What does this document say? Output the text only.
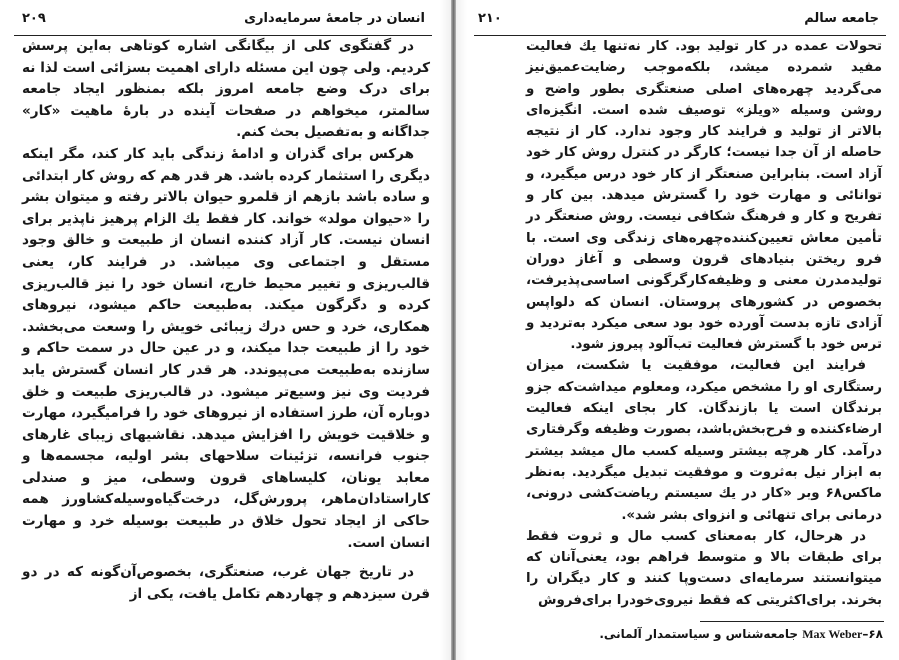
۲۰۹	انسان در جامعهٔ سرمایه‌داری

در گفتگوی کلی از بیگانگی اشاره کوتاهی به‌این پرسش کردیم. ولی چون این مسئله دارای اهمیت بسزائی است لذا نه برای درک وضع جامعه امروز بلکه بمنظور ایجاد جامعه سالمتر، میخواهم در صفحات آینده در بارهٔ ماهیت «کار» جداگانه و به‌تفصیل بحث کنم.

هرکس برای گذران و ادامهٔ زندگی باید کار کند، مگر اینکه دیگری را استثمار کرده باشد. هر قدر هم که روش کار ابتدائی و ساده باشد بازهم از قلمرو حیوان بالاتر رفته و میتوان بشر را «حیوان مولد» خواند. کار فقط یك الزام پرهیز ناپذیر برای انسان نیست. کار آزاد کننده انسان از طبیعت و خالق وجود مستقل و اجتماعی وی میباشد. در فرایند کار، یعنی قالب‌ریزی و تغییر محیط خارج، انسان خود را نیز قالب‌ریزی کرده و دگرگون میکند. به‌طبیعت حاکم میشود، نیروهای همکاری، خرد و حس درك زیبائی خویش را وسعت می‌بخشد. خود را از طبیعت جدا میکند، و در عین حال در سمت حاکم و سازنده به‌طبیعت می‌پیوندد. هر قدر کار انسان گسترش یابد فردیت وی نیز وسیع‌تر میشود. در قالب‌ریزی طبیعت و خلق دوباره آن، طرز استفاده از نیروهای خود را فرامیگیرد، مهارت و خلاقیت خویش را افزایش میدهد. نقاشیهای زیبای غارهای جنوب فرانسه، تزئینات سلاحهای بشر اولیه، مجسمه‌ها و معابد یونان، کلیساهای قرون وسطی، میز و صندلی کاراستادان‌ماهر، پرورش‌گل، درخت‌گیاه‌وسیله‌کشاورز همه حاکی از ایجاد تحول خلاق در طبیعت بوسیله خرد و مهارت انسان است.

در تاریخ جهان غرب، صنعتگری، بخصوص‌آن‌گونه که در دو قرن سیزدهم و چهاردهم تکامل یافت، یکی از

۲۱۰	جامعه سالم

تحولات عمده در کار تولید بود. کار نه‌تنها یك فعالیت مفید شمرده میشد، بلکه‌موجب رضایت‌عمیق‌نیز می‌گردید چهره‌های اصلی صنعتگری بطور واضح و روشن وسیله «ویلز» توصیف شده است. انگیزه‌ای بالاتر از تولید و فرایند کار وجود ندارد. کار از نتیجه حاصله از آن جدا نیست؛ کارگر در کنترل روش کار خود آزاد است. بنابراین صنعتگر از کار خود درس میگیرد، و توانائی و مهارت خود را گسترش میدهد. بین کار و تفریح و کار و فرهنگ شکافی نیست. روش صنعتگر در تأمین معاش تعیین‌کننده‌چهره‌های زندگی وی است. با فرو ریختن بنیادهای قرون وسطی و آغاز دوران تولیدمدرن معنی و وظیفه‌کارگرگونی اساسی‌پذیرفت، بخصوص در کشورهای پروستان. انسان که دلواپس آزادی تازه بدست آورده خود بود سعی میکرد به‌تردید و ترس خود با گسترش فعالیت تب‌آلود پیروز شود.

فرایند این فعالیت، موفقیت یا شکست، میزان رستگاری او را مشخص میکرد، ومعلوم میداشت‌که جزو برندگان است یا بازندگان. کار بجای اینکه فعالیت ارضاءکننده و فرح‌بخش‌باشد، بصورت وظیفه وگرفتاری درآمد. کار هرچه بیشتر وسیله کسب مال میشد بیشتر به ابزار نیل به‌ثروت و موفقیت تبدیل میگردید. به‌نظر ماکس۶۸ وبر «کار در یك سیستم ریاضت‌کشی درونی، درمانی برای تنهائی و انزوای بشر شد».

در هرحال، کار به‌معنای کسب مال و ثروت فقط برای طبقات بالا و متوسط فراهم بود، یعنی‌آنان که میتوانستند سرمایه‌ای دست‌وپا کنند و کار دیگران را بخرند. برای‌اکثریتی که فقط نیروی‌خودرا برای‌فروش

۶۸–Max Weber جامعه‌شناس و سیاستمدار آلمانی.
